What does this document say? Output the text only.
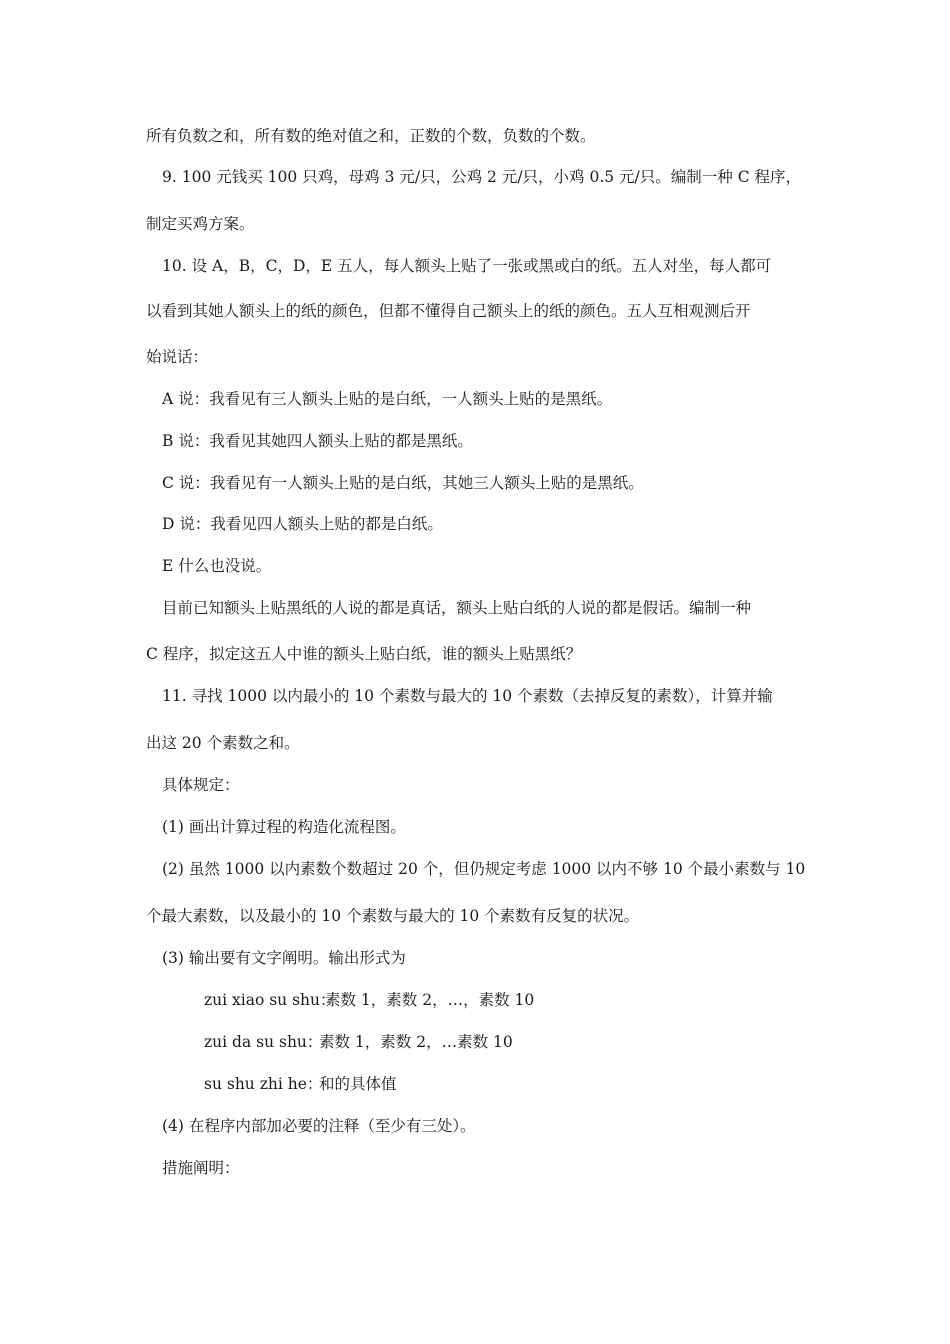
所有负数之和，所有数的绝对值之和，正数的个数，负数的个数。
9. 100 元钱买 100 只鸡，母鸡 3 元/只，公鸡 2 元/只，小鸡 0.5 元/只。编制一种 C 程序，
制定买鸡方案。
10. 设 A，B，C，D，E 五人，每人额头上贴了一张或黑或白的纸。五人对坐，每人都可
以看到其她人额头上的纸的颜色，但都不懂得自己额头上的纸的颜色。五人互相观测后开
始说话：
A 说：我看见有三人额头上贴的是白纸，一人额头上贴的是黑纸。
B 说：我看见其她四人额头上贴的都是黑纸。
C 说：我看见有一人额头上贴的是白纸，其她三人额头上贴的是黑纸。
D 说：我看见四人额头上贴的都是白纸。
E 什么也没说。
目前已知额头上贴黑纸的人说的都是真话，额头上贴白纸的人说的都是假话。编制一种
C 程序，拟定这五人中谁的额头上贴白纸，谁的额头上贴黑纸？
11. 寻找 1000 以内最小的 10 个素数与最大的 10 个素数（去掉反复的素数），计算并输
出这 20 个素数之和。
具体规定：
(1) 画出计算过程的构造化流程图。
(2) 虽然 1000 以内素数个数超过 20 个，但仍规定考虑 1000 以内不够 10 个最小素数与 10
个最大素数，以及最小的 10 个素数与最大的 10 个素数有反复的状况。
(3) 输出要有文字阐明。输出形式为
zui xiao su shu：
素数 1，素数 2，…，素数 10
zui da su shu：
素数 1，素数 2，…素数 10
su shu zhi he：
和的具体值
(4) 在程序内部加必要的注释（至少有三处）。
措施阐明：
